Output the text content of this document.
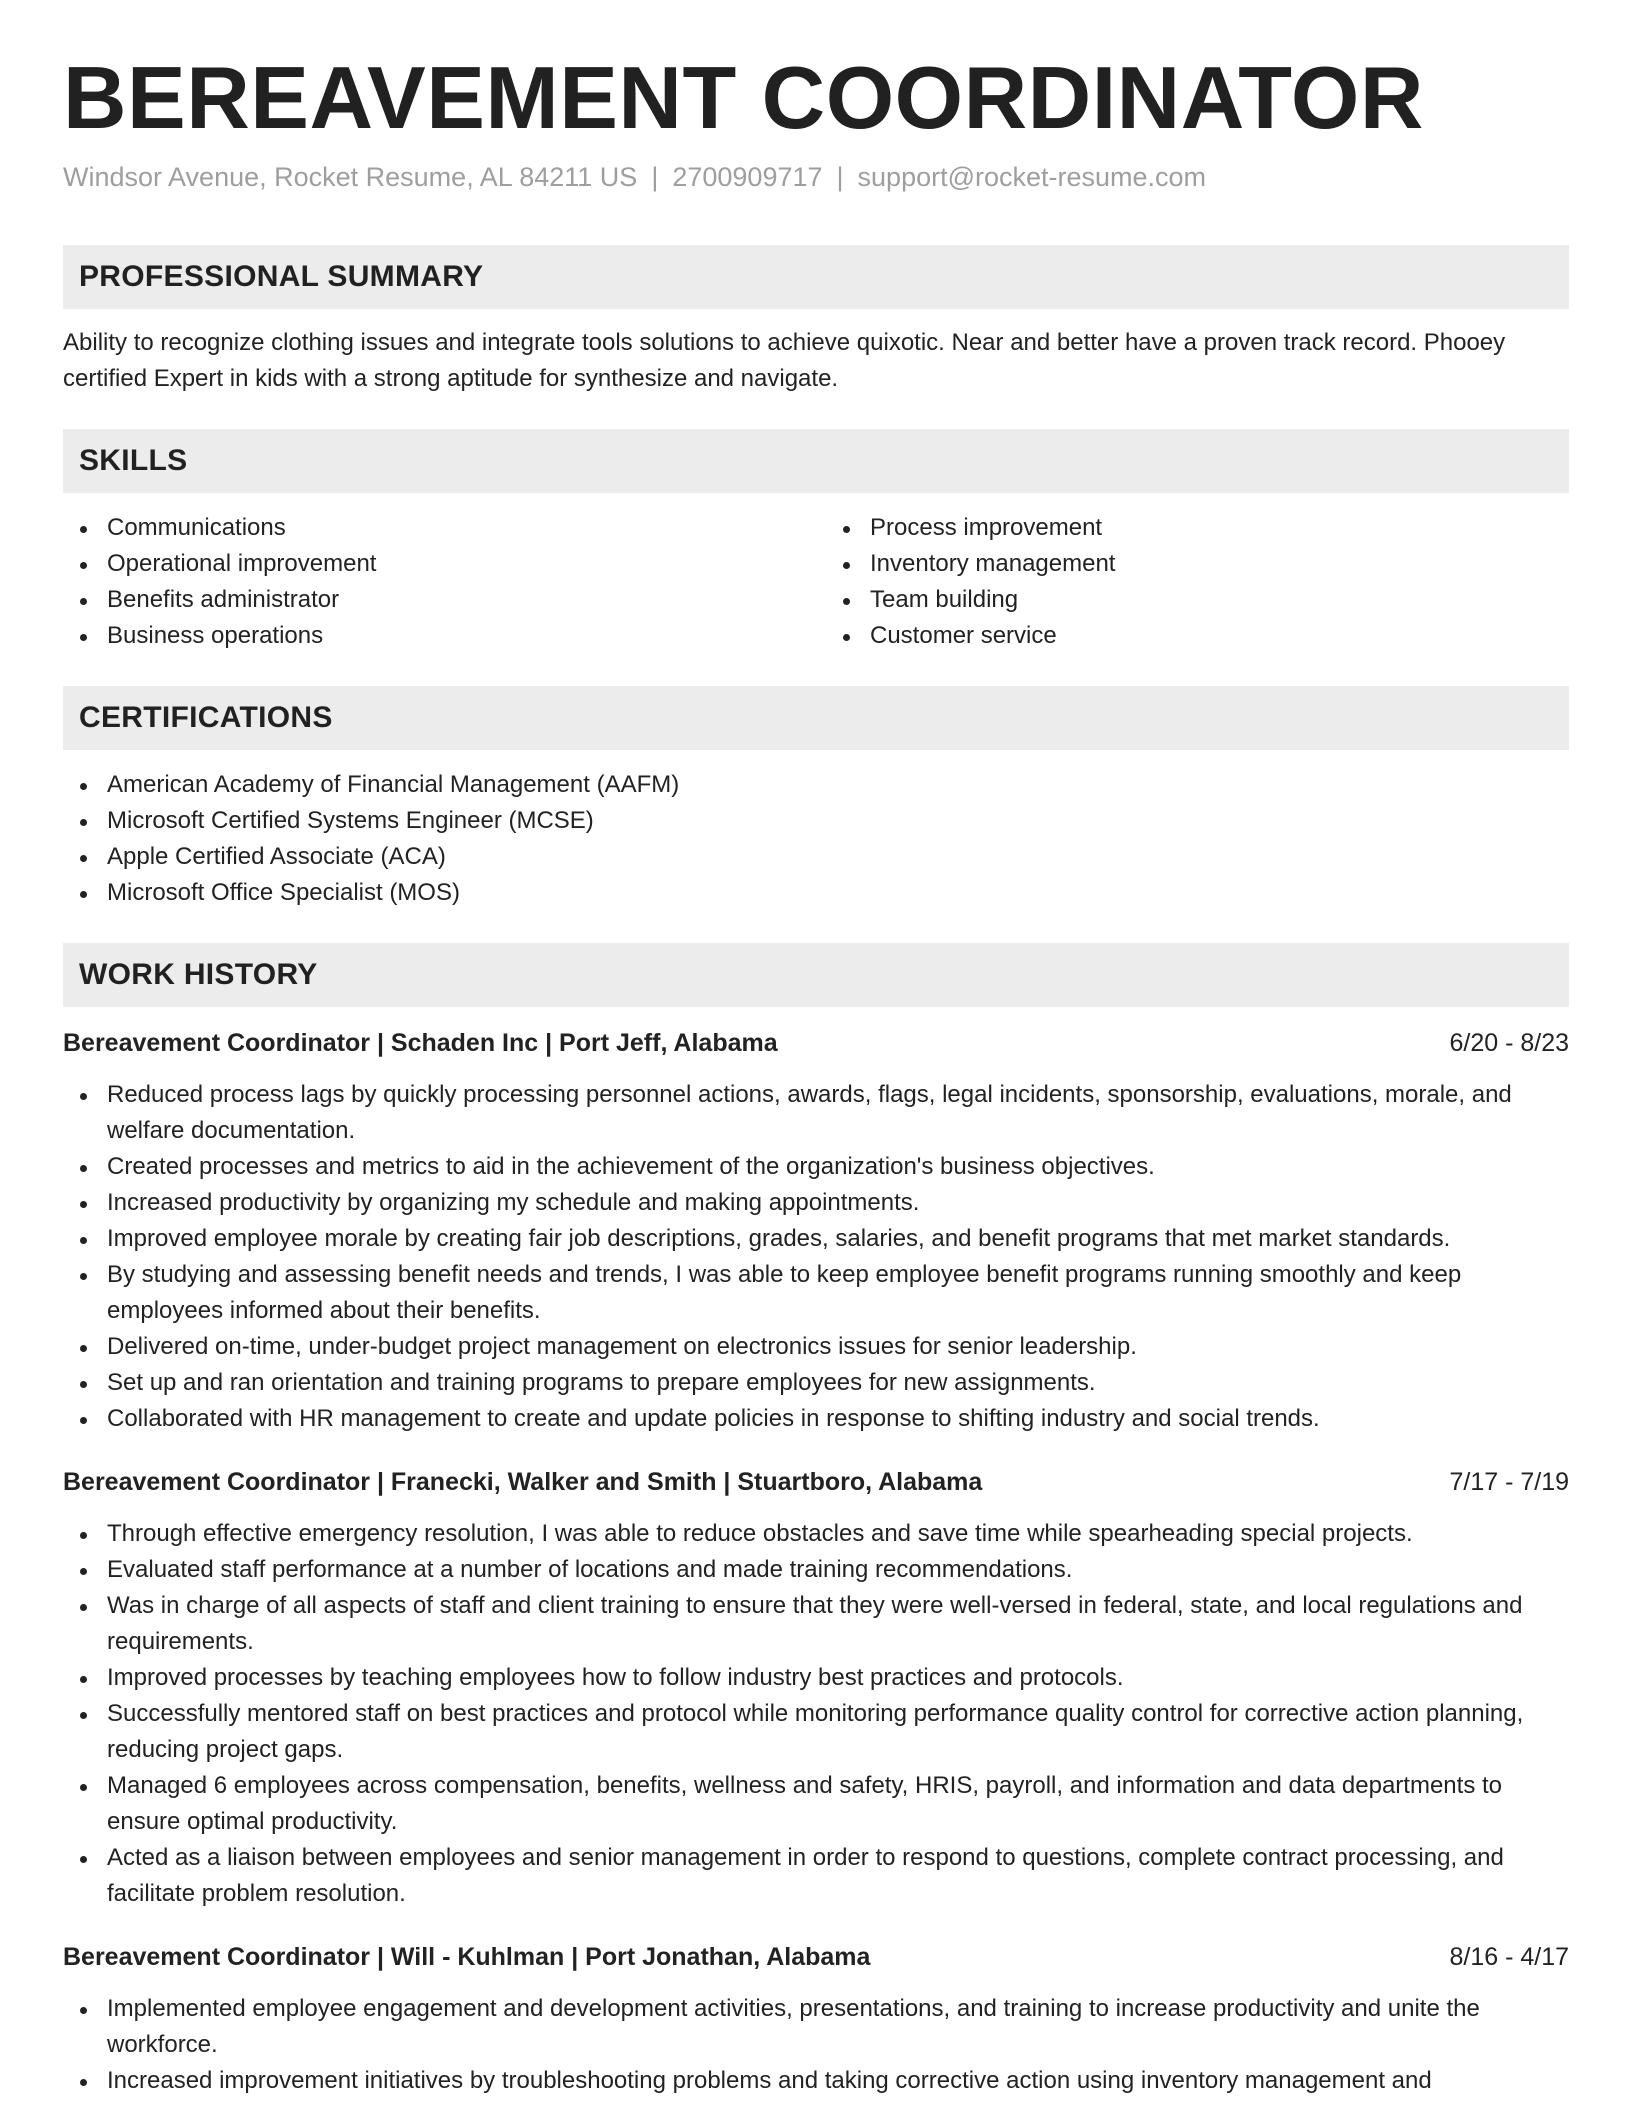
BEREAVEMENT COORDINATOR
Windsor Avenue, Rocket Resume, AL 84211 US | 2700909717 | support@rocket-resume.com
PROFESSIONAL SUMMARY

Ability to recognize clothing issues and integrate tools solutions to achieve quixotic. Near and better have a proven track record. Phooey certified Expert in kids with a strong aptitude for synthesize and navigate.

SKILLS
Communications
Operational improvement
Benefits administrator
Business operations
Process improvement
Inventory management
Team building
Customer service
CERTIFICATIONS
American Academy of Financial Management (AAFM)
Microsoft Certified Systems Engineer (MCSE)
Apple Certified Associate (ACA)
Microsoft Office Specialist (MOS)
WORK HISTORY
Bereavement Coordinator | Schaden Inc | Port Jeff, Alabama	6/20 - 8/23
Reduced process lags by quickly processing personnel actions, awards, flags, legal incidents, sponsorship, evaluations, morale, and welfare documentation.
Created processes and metrics to aid in the achievement of the organization's business objectives.
Increased productivity by organizing my schedule and making appointments.
Improved employee morale by creating fair job descriptions, grades, salaries, and benefit programs that met market standards.
By studying and assessing benefit needs and trends, I was able to keep employee benefit programs running smoothly and keep employees informed about their benefits.
Delivered on-time, under-budget project management on electronics issues for senior leadership.
Set up and ran orientation and training programs to prepare employees for new assignments.
Collaborated with HR management to create and update policies in response to shifting industry and social trends.
Bereavement Coordinator | Franecki, Walker and Smith | Stuartboro, Alabama	7/17 - 7/19
Through effective emergency resolution, I was able to reduce obstacles and save time while spearheading special projects.
Evaluated staff performance at a number of locations and made training recommendations.
Was in charge of all aspects of staff and client training to ensure that they were well-versed in federal, state, and local regulations and requirements.
Improved processes by teaching employees how to follow industry best practices and protocols.
Successfully mentored staff on best practices and protocol while monitoring performance quality control for corrective action planning, reducing project gaps.
Managed 6 employees across compensation, benefits, wellness and safety, HRIS, payroll, and information and data departments to ensure optimal productivity.
Acted as a liaison between employees and senior management in order to respond to questions, complete contract processing, and facilitate problem resolution.
Bereavement Coordinator | Will - Kuhlman | Port Jonathan, Alabama	8/16 - 4/17
Implemented employee engagement and development activities, presentations, and training to increase productivity and unite the workforce.
Increased improvement initiatives by troubleshooting problems and taking corrective action using inventory management and
